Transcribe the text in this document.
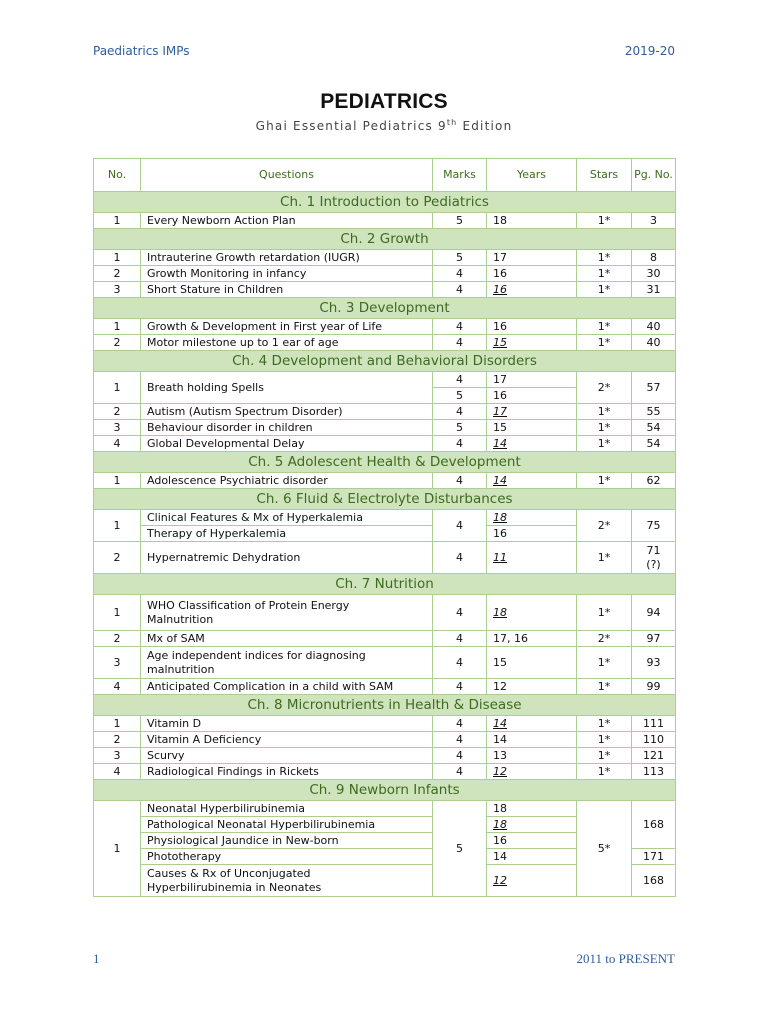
Paediatrics IMPs	2019-20
PEDIATRICS
Ghai Essential Pediatrics 9th Edition
No.	Questions	Marks	Years	Stars	Pg. No.
Ch. 1 Introduction to Pediatrics					
1	Every Newborn Action Plan	5	18	1*	3
Ch. 2 Growth					
1	Intrauterine Growth retardation (IUGR)	5	17	1*	8
2	Growth Monitoring in infancy	4	16	1*	30
3	Short Stature in Children	4	16	1*	31
Ch. 3 Development					
1	Growth & Development in First year of Life	4	16	1*	40
2	Motor milestone up to 1 ear of age	4	15	1*	40
Ch. 4 Development and Behavioral Disorders					
1	Breath holding Spells	4	17	2*	57
		5	16		
2	Autism (Autism Spectrum Disorder)	4	17	1*	55
3	Behaviour disorder in children	5	15	1*	54
4	Global Developmental Delay	4	14	1*	54
Ch. 5 Adolescent Health & Development					
1	Adolescence Psychiatric disorder	4	14	1*	62
Ch. 6 Fluid & Electrolyte Disturbances					
1	Clinical Features & Mx of Hyperkalemia	4	18	2*	75
	Therapy of Hyperkalemia		16		
2	Hypernatremic Dehydration	4	11	1*	71
(?)
Ch. 7 Nutrition					
1	WHO Classification of Protein Energy
Malnutrition	4	18	1*	94
2	Mx of SAM	4	17, 16	2*	97
3	Age independent indices for diagnosing
malnutrition	4	15	1*	93
4	Anticipated Complication in a child with SAM	4	12	1*	99
Ch. 8 Micronutrients in Health & Disease					
1	Vitamin D	4	14	1*	111
2	Vitamin A Deficiency	4	14	1*	110
3	Scurvy	4	13	1*	121
4	Radiological Findings in Rickets	4	12	1*	113
Ch. 9 Newborn Infants					
1	Neonatal Hyperbilirubinemia	5	18	5*	168
	Pathological Neonatal Hyperbilirubinemia		18		
	Physiological Jaundice in New-born		16		
	Phototherapy		14		171
	Causes & Rx of Unconjugated
Hyperbilirubinemia in Neonates		12		168
1	2011 to PRESENT
